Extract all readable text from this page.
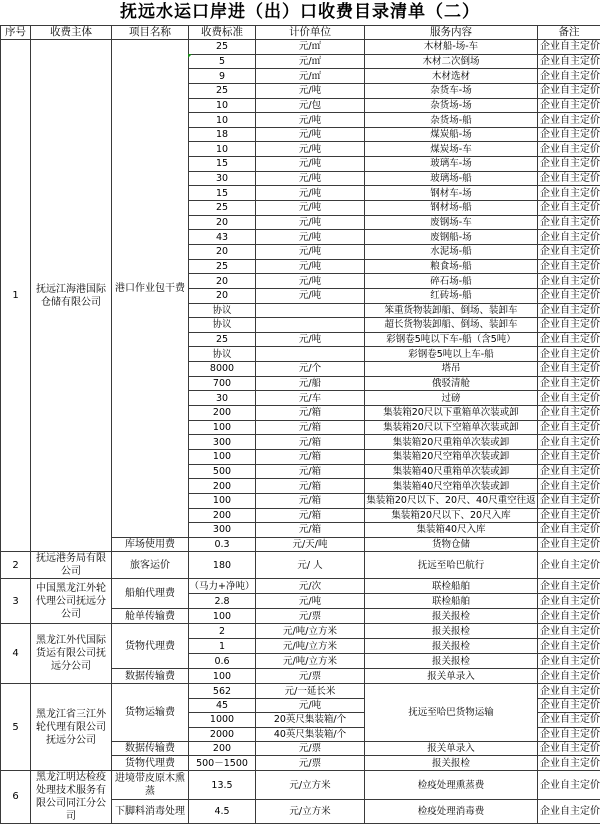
抚远水运口岸进（出）口收费目录清单（二）
序号	收费主体	项目名称	收费标准	计价单位	服务内容	备注
1	抚远江海港国际仓储有限公司	港口作业包干费	25	元/㎡	木材船-场-车	企业自主定价
			5	元/㎡	木材二次倒场	企业自主定价
			9	元/㎡	木材选材	企业自主定价
			25	元/吨	杂货车-场	企业自主定价
			10	元/包	杂货场-场	企业自主定价
			10	元/吨	杂货场-船	企业自主定价
			18	元/吨	煤炭船-场	企业自主定价
			10	元/吨	煤炭场-车	企业自主定价
			15	元/吨	玻璃车-场	企业自主定价
			30	元/吨	玻璃场-船	企业自主定价
			15	元/吨	钢材车-场	企业自主定价
			25	元/吨	钢材场-船	企业自主定价
			20	元/吨	废钢场-车	企业自主定价
			43	元/吨	废钢船-场	企业自主定价
			20	元/吨	水泥场-船	企业自主定价
			25	元/吨	粮食场-船	企业自主定价
			20	元/吨	碎石场-船	企业自主定价
			20	元/吨	红砖场-船	企业自主定价
			协议		笨重货物装卸船、倒场、装卸车	企业自主定价
			协议		超长货物装卸船、倒场、装卸车	企业自主定价
			25	元/吨	彩钢卷5吨以下车-船（含5吨）	企业自主定价
			协议		彩钢卷5吨以上车-船	企业自主定价
			8000	元/个	塔吊	企业自主定价
			700	元/船	俄驳清舱	企业自主定价
			30	元/车	过磅	企业自主定价
			200	元/箱	集装箱20尺以下重箱单次装或卸	企业自主定价
			100	元/箱	集装箱20尺以下空箱单次装或卸	企业自主定价
			300	元/箱	集装箱20尺重箱单次装或卸	企业自主定价
			100	元/箱	集装箱20尺空箱单次装或卸	企业自主定价
			500	元/箱	集装箱40尺重箱单次装或卸	企业自主定价
			200	元/箱	集装箱40尺空箱单次装或卸	企业自主定价
			100	元/箱	集装箱20尺以下、20尺、40尺重空往返	企业自主定价
			200	元/箱	集装箱20尺以下、20尺入库	企业自主定价
			300	元/箱	集装箱40尺入库	企业自主定价
		库场使用费	0.3	元/天/吨	货物仓储	企业自主定价
2	抚远港务局有限公司	旅客运价	180	元/ 人	抚远至哈巴航行	企业自主定价
3	中国黑龙江外轮代理公司抚远分公司	船舶代理费	（马力+净吨）	元/次	联检船舶	企业自主定价
			2.8	元/吨	联检船舶	企业自主定价
		舱单传输费	100	元/票	报关报检	企业自主定价
4	黑龙江外代国际货运有限公司抚远分公司	货物代理费	2	元/吨/立方米	报关报检	企业自主定价
			1	元/吨/立方米	报关报检	企业自主定价
			0.6	元/吨/立方米	报关报检	企业自主定价
		数据传输费	100	元/票	报关单录入	企业自主定价
5	黑龙江省三江外轮代理有限公司抚远分公司	货物运输费	562	元/一延长米	抚远至哈巴货物运输	企业自主定价
			45	元/吨		企业自主定价
			1000	20英尺集装箱/个		企业自主定价
			2000	40英尺集装箱/个		企业自主定价
		数据传输费	200	元/票	报关单录入	企业自主定价
		货物代理费	500－1500	元/票	报关报检	企业自主定价
6	黑龙江明达检疫处理技术服务有限公司同江分公司	进境带皮原木熏蒸	13.5	元/立方米	检疫处理熏蒸费	企业自主定价
		下脚料消毒处理	4.5	元/立方米	检疫处理消毒费	企业自主定价
